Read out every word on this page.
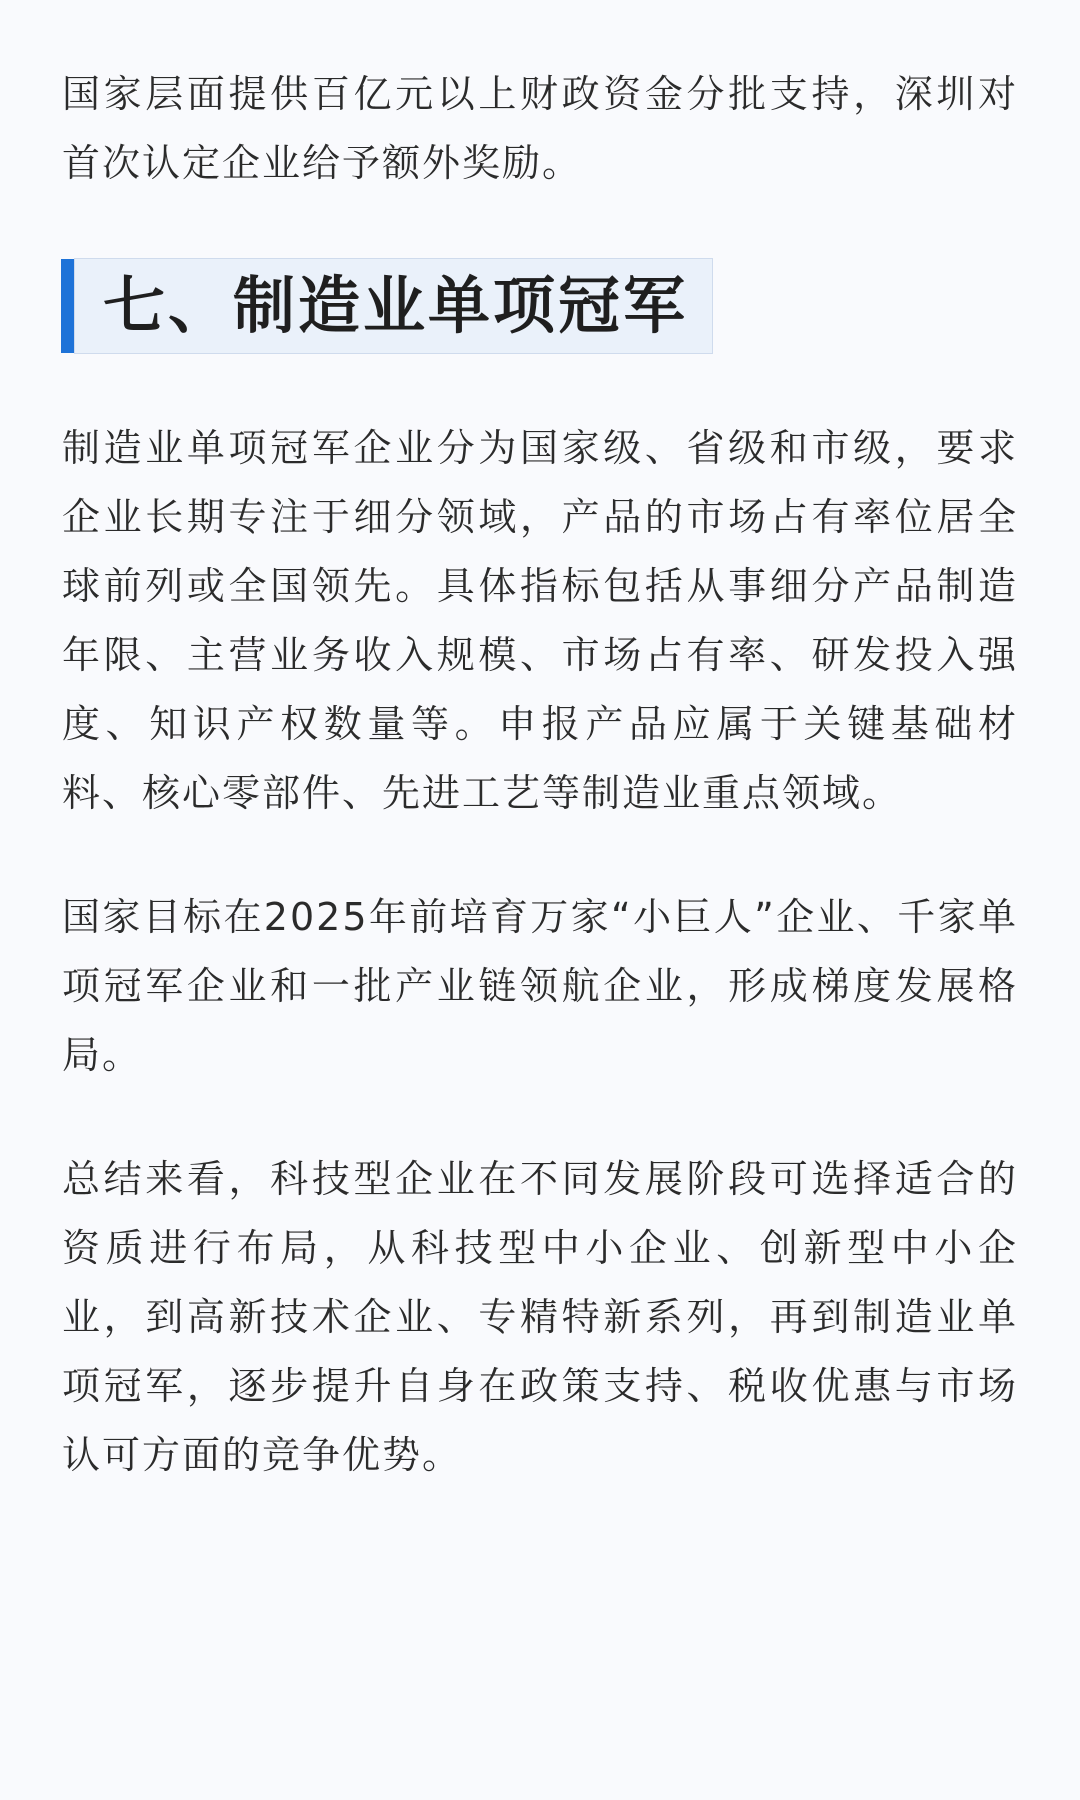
国家层面提供百亿元以上财政资金分批支持，深圳对首次认定企业给予额外奖励。

七、制造业单项冠军

制造业单项冠军企业分为国家级、省级和市级，要求企业长期专注于细分领域，产品的市场占有率位居全球前列或全国领先。具体指标包括从事细分产品制造年限、主营业务收入规模、市场占有率、研发投入强度、知识产权数量等。申报产品应属于关键基础材料、核心零部件、先进工艺等制造业重点领域。

国家目标在2025年前培育万家“小巨人”企业、千家单项冠军企业和一批产业链领航企业，形成梯度发展格局。

总结来看，科技型企业在不同发展阶段可选择适合的资质进行布局，从科技型中小企业、创新型中小企业，到高新技术企业、专精特新系列，再到制造业单项冠军，逐步提升自身在政策支持、税收优惠与市场认可方面的竞争优势。
